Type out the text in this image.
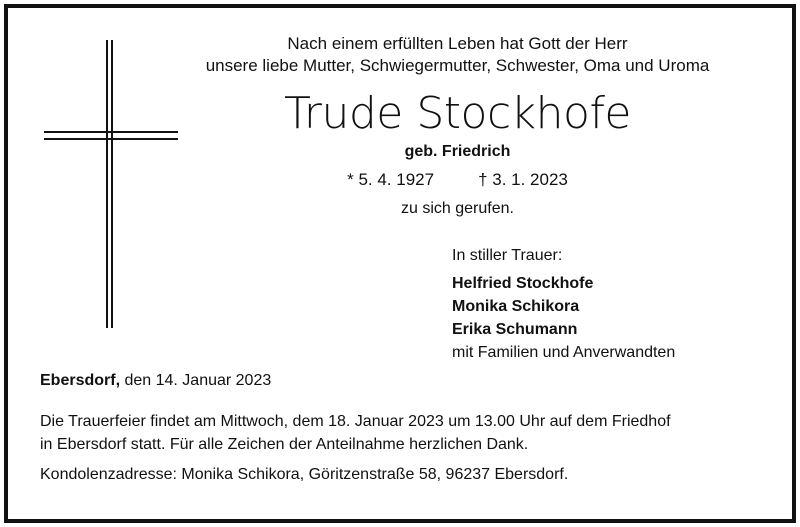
Nach einem erfüllten Leben hat Gott der Herr
unsere liebe Mutter, Schwiegermutter, Schwester, Oma und Uroma
Trude Stockhofe
geb. Friedrich
* 5. 4. 1927	† 3. 1. 2023
zu sich gerufen.
In stiller Trauer:
Helfried Stockhofe
Monika Schikora
Erika Schumann
mit Familien und Anverwandten
Ebersdorf, den 14. Januar 2023
Die Trauerfeier findet am Mittwoch, dem 18. Januar 2023 um 13.00 Uhr auf dem Friedhof
in Ebersdorf statt. Für alle Zeichen der Anteilnahme herzlichen Dank.
Kondolenzadresse: Monika Schikora, Göritzenstraße 58, 96237 Ebersdorf.
